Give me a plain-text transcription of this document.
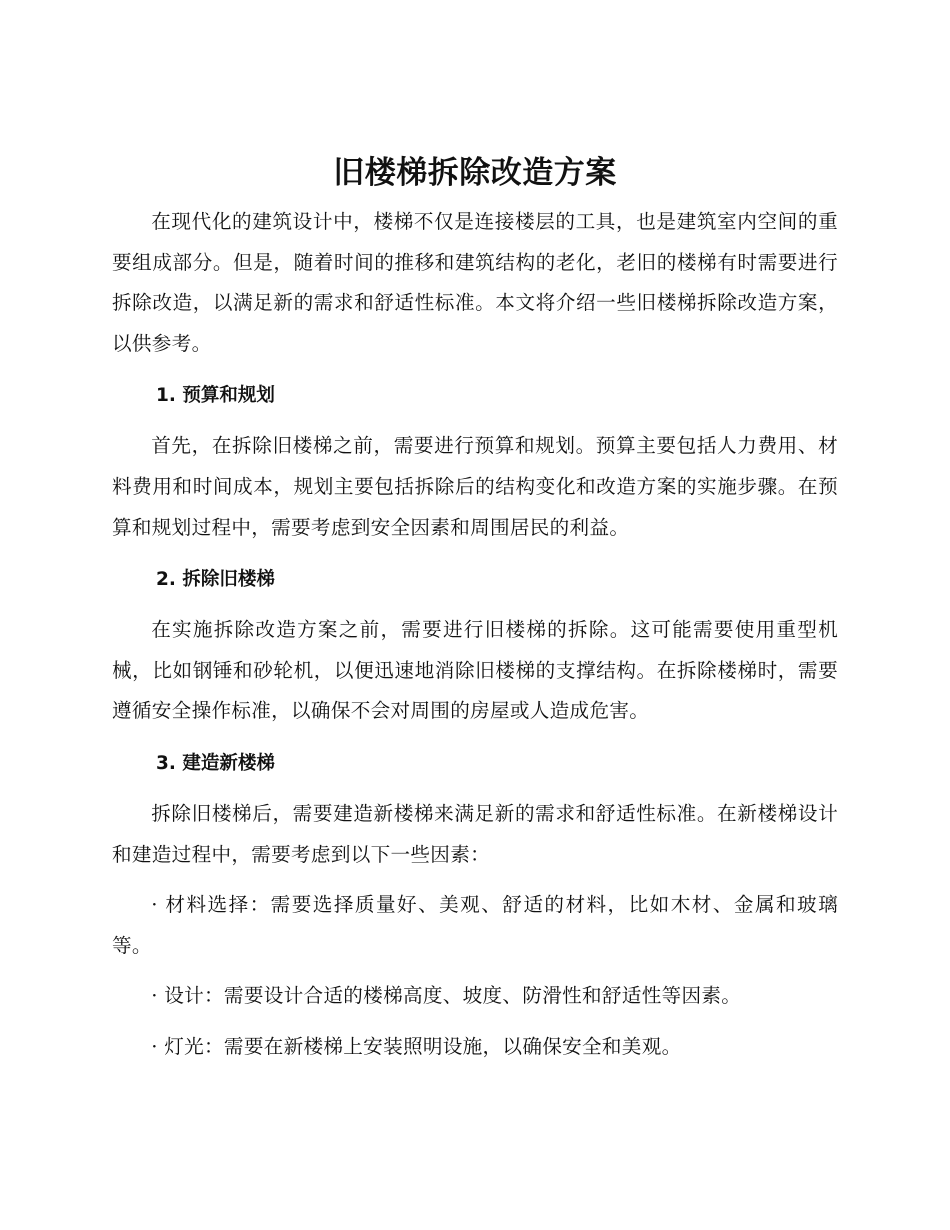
旧楼梯拆除改造方案

在现代化的建筑设计中，楼梯不仅是连接楼层的工具，也是建筑室内空间的重要组成部分。但是，随着时间的推移和建筑结构的老化，老旧的楼梯有时需要进行拆除改造，以满足新的需求和舒适性标准。本文将介绍一些旧楼梯拆除改造方案，以供参考。

1. 预算和规划

首先，在拆除旧楼梯之前，需要进行预算和规划。预算主要包括人力费用、材料费用和时间成本，规划主要包括拆除后的结构变化和改造方案的实施步骤。在预算和规划过程中，需要考虑到安全因素和周围居民的利益。

2. 拆除旧楼梯

在实施拆除改造方案之前，需要进行旧楼梯的拆除。这可能需要使用重型机械，比如钢锤和砂轮机，以便迅速地消除旧楼梯的支撑结构。在拆除楼梯时，需要遵循安全操作标准，以确保不会对周围的房屋或人造成危害。

3. 建造新楼梯

拆除旧楼梯后，需要建造新楼梯来满足新的需求和舒适性标准。在新楼梯设计和建造过程中，需要考虑到以下一些因素：

· 材料选择：需要选择质量好、美观、舒适的材料，比如木材、金属和玻璃等。

· 设计：需要设计合适的楼梯高度、坡度、防滑性和舒适性等因素。

· 灯光：需要在新楼梯上安装照明设施，以确保安全和美观。
